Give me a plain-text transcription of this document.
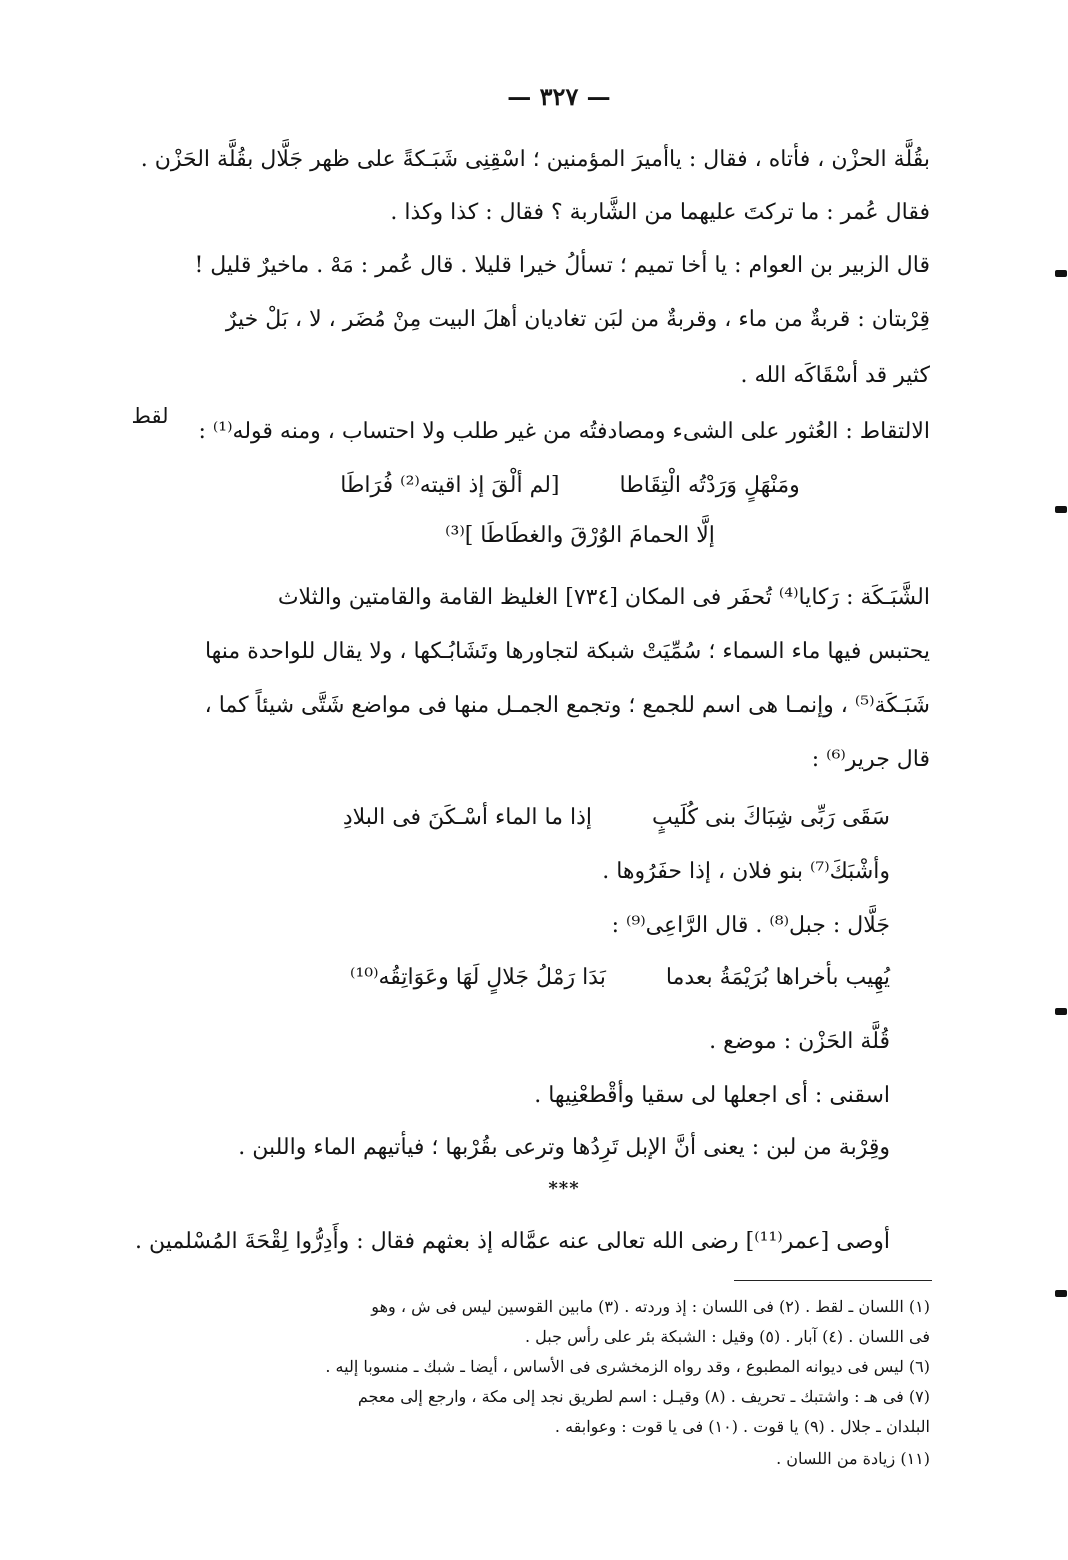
— ٣٢٧ —
بقُلَّة الحزْن ، فأتاه ، فقال : ياأميرَ المؤمنين ؛ اسْقِنِى شَبَـكةً على ظهر جَلَّال بقُلَّة الحَزْن .
فقال عُمر : ما تركتَ عليهما من الشَّاربة ؟ فقال : كذا وكذا .
قال الزبير بن العوام : يا أخا تميم ؛ تسألُ خيرا قليلا . قال عُمر : مَهْ . ماخيرٌ قليل !
قِرْبتان : قربةٌ من ماء ، وقربةٌ من لبَن تغاديان أهلَ البيت مِنْ مُضَر ، لا ، بَلْ خيرٌ
كثير قد أسْقَاكَه الله .
لقط
الالتقاط : العُثور على الشىء ومصادفتُه من غير طلب ولا احتساب ، ومنه قوله⁽¹⁾ :
ومَنْهَلٍ وَرَدْتُه الْتِقَاطا[لم ألْقَ إذ اقيته⁽²⁾ فُرَاطَا
إلَّا الحمامَ الوُرْقَ والغطَاطَا ]⁽³⁾
الشَّبَـكَة : رَكايا⁽⁴⁾ تُحفَر فى المكان [٧٣٤] الغليظ القامة والقامتين والثلاث
يحتبس فيها ماء السماء ؛ سُمِّيَتْ شبكة لتجاورها وتَشَابُـكها ، ولا يقال للواحدة منها
شَبَـكَة⁽⁵⁾ ، وإنمـا هى اسم للجمع ؛ وتجمع الجمـل منها فى مواضع شَتَّى شيئاً كما ،
قال جرير⁽⁶⁾ :
سَقَى رَبِّى شِبَاكَ بنى كُلَيبٍإذا ما الماء أسْـكَنَ فى البلادِ
وأشْبَكَ⁽⁷⁾ بنو فلان ، إذا حفَرُوها .
جَلَّال : جبل⁽⁸⁾ . قال الرَّاعِى⁽⁹⁾ :
يُهِيب بأخراها بُرَيْمَةُ بعدمابَدَا رَمْلُ جَلالٍ لَهَا وعَوَاتِقُه⁽¹⁰⁾
قُلَّة الحَزْن : موضع .
اسقنى : أى اجعلها لى سقيا وأقْطعْنِيها .
وقِرْبة من لبن : يعنى أنَّ الإبل تَرِدُها وترعى بقُرْبها ؛ فيأتيهم الماء واللبن .
***
أوصى [عمر⁽¹¹⁾] رضى الله تعالى عنه عمَّاله إذ بعثهم فقال : وأَدِرُّوا لِقْحَةَ المُسْلمين .
(١) اللسان ـ لقط . (٢) فى اللسان : إذ وردته . (٣) مابين القوسين ليس فى ش ، وهو
فى اللسان . (٤) آبار . (٥) وقيل : الشبكة بئر على رأس جبل .
(٦) ليس فى ديوانه المطبوع ، وقد رواه الزمخشرى فى الأساس ، أيضا ـ شبك ـ منسوبا إليه .
(٧) فى هـ : واشتبك ـ تحريف . (٨) وقيـل : اسم لطريق نجد إلى مكة ، وارجع إلى معجم
البلدان ـ جلال . (٩) يا قوت . (١٠) فى يا قوت : وعوابقه .
(١١) زيادة من اللسان .
